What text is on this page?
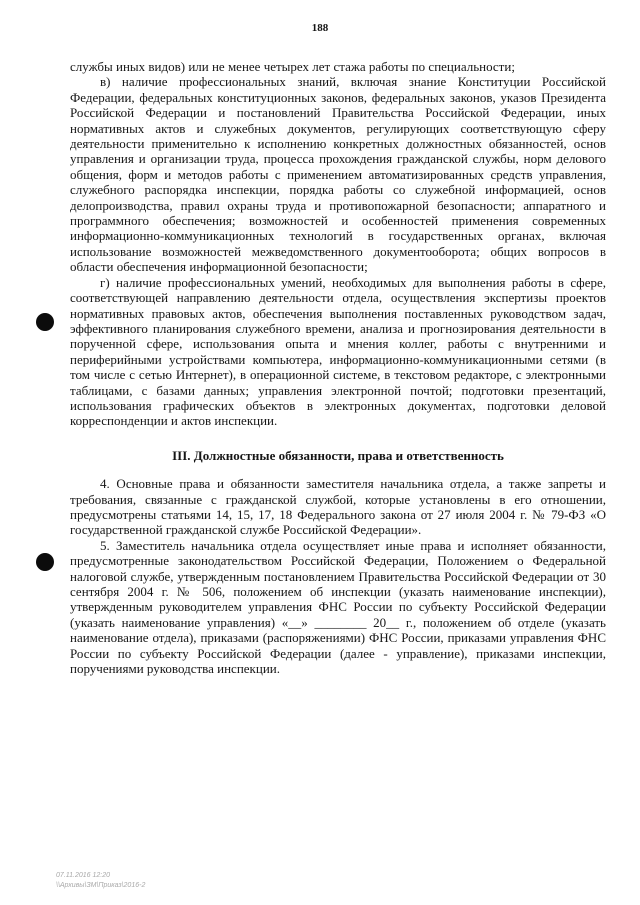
188

службы иных видов) или не менее четырех лет стажа работы по специальности;

в) наличие профессиональных знаний, включая знание Конституции Российской Федерации, федеральных конституционных законов, федеральных законов, указов Президента Российской Федерации и постановлений Правительства Российской Федерации, иных нормативных актов и служебных документов, регулирующих соответствующую сферу деятельности применительно к исполнению конкретных должностных обязанностей, основ управления и организации труда, процесса прохождения гражданской службы, норм делового общения, форм и методов работы с применением автоматизированных средств управления, служебного распорядка инспекции, порядка работы со служебной информацией, основ делопроизводства, правил охраны труда и противопожарной безопасности; аппаратного и программного обеспечения; возможностей и особенностей применения современных информационно-коммуникационных технологий в государственных органах, включая использование возможностей межведомственного документооборота; общих вопросов в области обеспечения информационной безопасности;

г) наличие профессиональных умений, необходимых для выполнения работы в сфере, соответствующей направлению деятельности отдела, осуществления экспертизы проектов нормативных правовых актов, обеспечения выполнения поставленных руководством задач, эффективного планирования служебного времени, анализа и прогнозирования деятельности в порученной сфере, использования опыта и мнения коллег, работы с внутренними и периферийными устройствами компьютера, информационно-коммуникационными сетями (в том числе с сетью Интернет), в операционной системе, в текстовом редакторе, с электронными таблицами, с базами данных; управления электронной почтой; подготовки презентаций, использования графических объектов в электронных документах, подготовки деловой корреспонденции и актов инспекции.

III. Должностные обязанности, права и ответственность

4. Основные права и обязанности заместителя начальника отдела, а также запреты и требования, связанные с гражданской службой, которые установлены в его отношении, предусмотрены статьями 14, 15, 17, 18 Федерального закона от 27 июля 2004 г. № 79-ФЗ «О государственной гражданской службе Российской Федерации».

5. Заместитель начальника отдела осуществляет иные права и исполняет обязанности, предусмотренные законодательством Российской Федерации, Положением о Федеральной налоговой службе, утвержденным постановлением Правительства Российской Федерации от 30 сентября 2004 г. № 506, положением об инспекции (указать наименование инспекции), утвержденным руководителем управления ФНС России по субъекту Российской Федерации (указать наименование управления) «__» ________ 20__ г., положением об отделе (указать наименование отдела), приказами (распоряжениями) ФНС России, приказами управления ФНС России по субъекту Российской Федерации (далее - управление), приказами инспекции, поручениями руководства инспекции.

07.11.2016 12:20
\\Архивы\ЗМ\Приказ\2016-2
